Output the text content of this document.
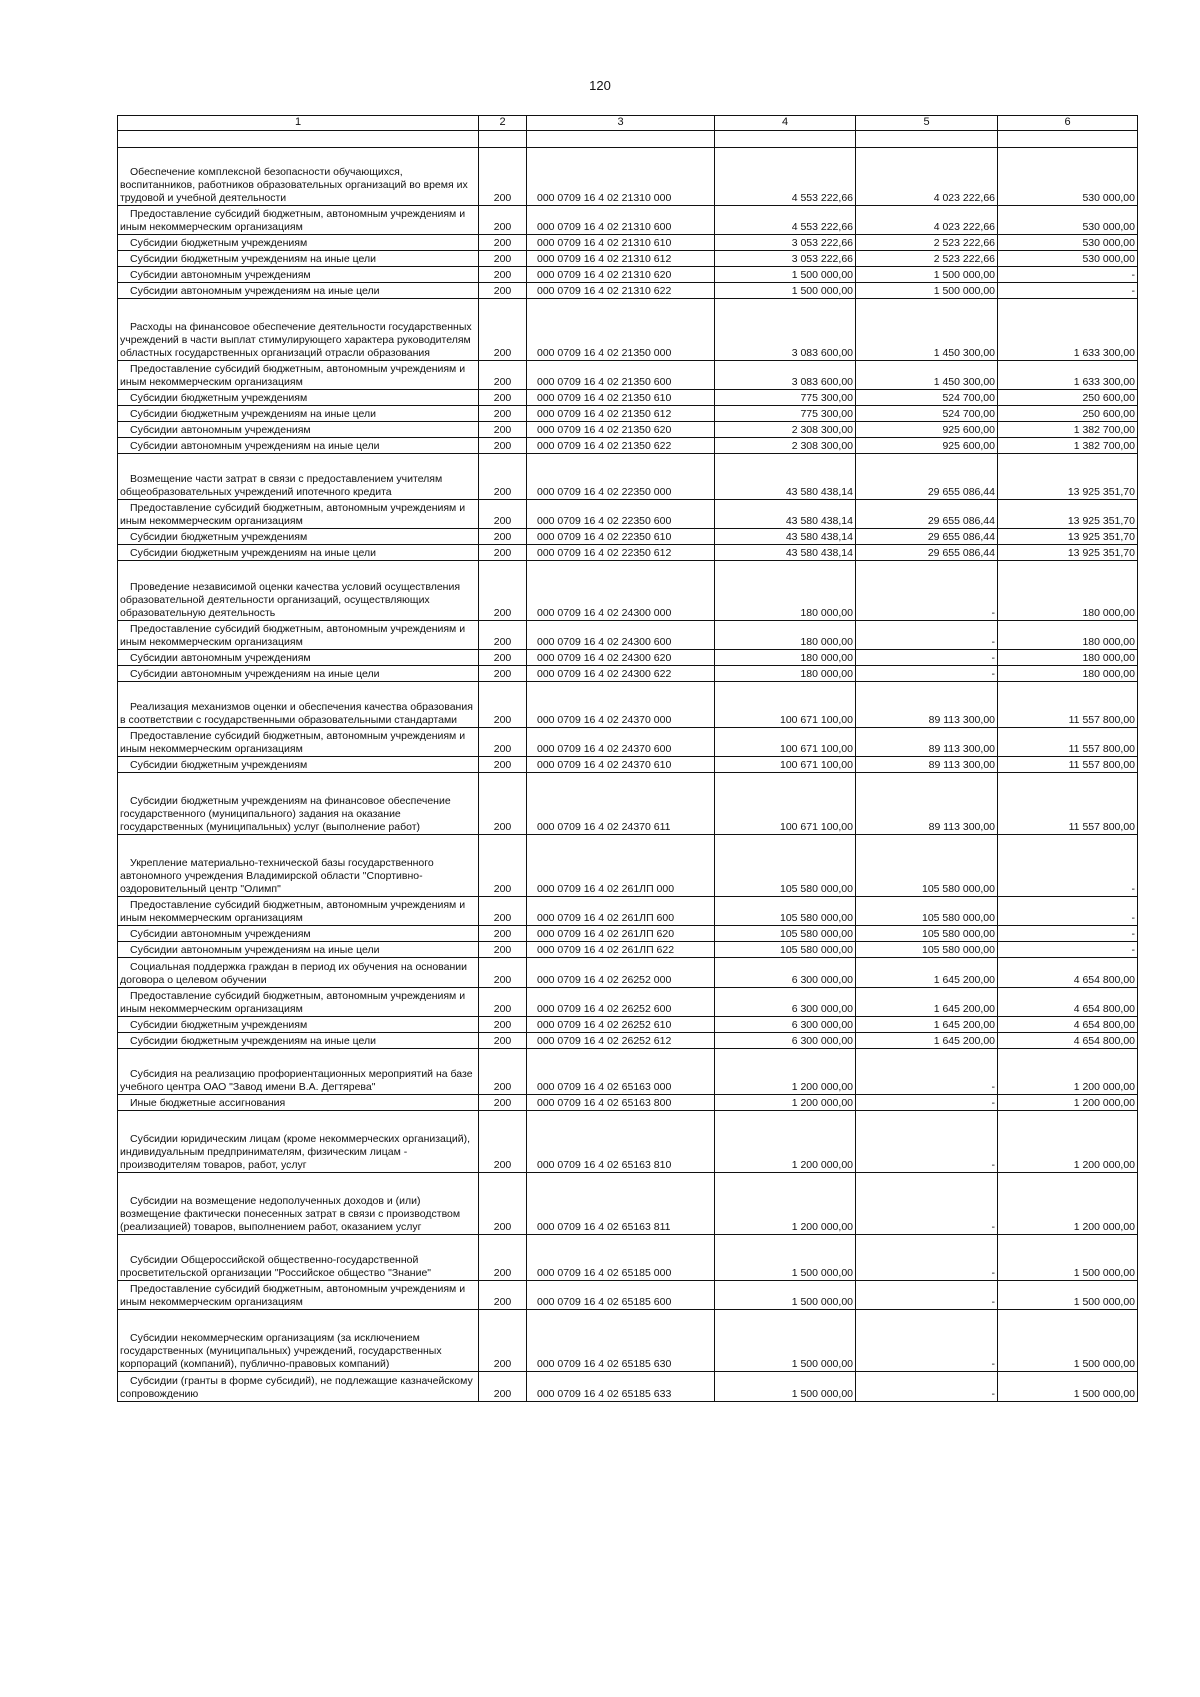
120
1	2	3	4	5	6

Обеспечение комплексной безопасности обучающихся, воспитанников, работников образовательных организаций во время их трудовой и учебной деятельности	200	000 0709 16 4 02 21310 000	4 553 222,66	4 023 222,66	530 000,00
Предоставление субсидий бюджетным, автономным учреждениям и иным некоммерческим организациям	200	000 0709 16 4 02 21310 600	4 553 222,66	4 023 222,66	530 000,00
Субсидии бюджетным учреждениям	200	000 0709 16 4 02 21310 610	3 053 222,66	2 523 222,66	530 000,00
Субсидии бюджетным учреждениям на иные цели	200	000 0709 16 4 02 21310 612	3 053 222,66	2 523 222,66	530 000,00
Субсидии автономным учреждениям	200	000 0709 16 4 02 21310 620	1 500 000,00	1 500 000,00	-
Субсидии автономным учреждениям на иные цели	200	000 0709 16 4 02 21310 622	1 500 000,00	1 500 000,00	-
Расходы на финансовое обеспечение деятельности государственных учреждений в части выплат стимулирующего характера руководителям областных государственных организаций отрасли образования	200	000 0709 16 4 02 21350 000	3 083 600,00	1 450 300,00	1 633 300,00
Предоставление субсидий бюджетным, автономным учреждениям и иным некоммерческим организациям	200	000 0709 16 4 02 21350 600	3 083 600,00	1 450 300,00	1 633 300,00
Субсидии бюджетным учреждениям	200	000 0709 16 4 02 21350 610	775 300,00	524 700,00	250 600,00
Субсидии бюджетным учреждениям на иные цели	200	000 0709 16 4 02 21350 612	775 300,00	524 700,00	250 600,00
Субсидии автономным учреждениям	200	000 0709 16 4 02 21350 620	2 308 300,00	925 600,00	1 382 700,00
Субсидии автономным учреждениям на иные цели	200	000 0709 16 4 02 21350 622	2 308 300,00	925 600,00	1 382 700,00
Возмещение части затрат в связи с предоставлением учителям общеобразовательных учреждений ипотечного кредита	200	000 0709 16 4 02 22350 000	43 580 438,14	29 655 086,44	13 925 351,70
Предоставление субсидий бюджетным, автономным учреждениям и иным некоммерческим организациям	200	000 0709 16 4 02 22350 600	43 580 438,14	29 655 086,44	13 925 351,70
Субсидии бюджетным учреждениям	200	000 0709 16 4 02 22350 610	43 580 438,14	29 655 086,44	13 925 351,70
Субсидии бюджетным учреждениям на иные цели	200	000 0709 16 4 02 22350 612	43 580 438,14	29 655 086,44	13 925 351,70
Проведение независимой оценки качества условий осуществления образовательной деятельности организаций, осуществляющих образовательную деятельность	200	000 0709 16 4 02 24300 000	180 000,00	-	180 000,00
Предоставление субсидий бюджетным, автономным учреждениям и иным некоммерческим организациям	200	000 0709 16 4 02 24300 600	180 000,00	-	180 000,00
Субсидии автономным учреждениям	200	000 0709 16 4 02 24300 620	180 000,00	-	180 000,00
Субсидии автономным учреждениям на иные цели	200	000 0709 16 4 02 24300 622	180 000,00	-	180 000,00
Реализация механизмов оценки и обеспечения качества образования в соответствии с государственными образовательными стандартами	200	000 0709 16 4 02 24370 000	100 671 100,00	89 113 300,00	11 557 800,00
Предоставление субсидий бюджетным, автономным учреждениям и иным некоммерческим организациям	200	000 0709 16 4 02 24370 600	100 671 100,00	89 113 300,00	11 557 800,00
Субсидии бюджетным учреждениям	200	000 0709 16 4 02 24370 610	100 671 100,00	89 113 300,00	11 557 800,00
Субсидии бюджетным учреждениям на финансовое обеспечение государственного (муниципального) задания на оказание государственных (муниципальных) услуг (выполнение работ)	200	000 0709 16 4 02 24370 611	100 671 100,00	89 113 300,00	11 557 800,00
Укрепление материально-технической базы государственного автономного учреждения Владимирской области "Спортивно-оздоровительный центр "Олимп"	200	000 0709 16 4 02 261ЛП 000	105 580 000,00	105 580 000,00	-
Предоставление субсидий бюджетным, автономным учреждениям и иным некоммерческим организациям	200	000 0709 16 4 02 261ЛП 600	105 580 000,00	105 580 000,00	-
Субсидии автономным учреждениям	200	000 0709 16 4 02 261ЛП 620	105 580 000,00	105 580 000,00	-
Субсидии автономным учреждениям на иные цели	200	000 0709 16 4 02 261ЛП 622	105 580 000,00	105 580 000,00	-
Социальная поддержка граждан в период их обучения на основании договора о целевом обучении	200	000 0709 16 4 02 26252 000	6 300 000,00	1 645 200,00	4 654 800,00
Предоставление субсидий бюджетным, автономным учреждениям и иным некоммерческим организациям	200	000 0709 16 4 02 26252 600	6 300 000,00	1 645 200,00	4 654 800,00
Субсидии бюджетным учреждениям	200	000 0709 16 4 02 26252 610	6 300 000,00	1 645 200,00	4 654 800,00
Субсидии бюджетным учреждениям на иные цели	200	000 0709 16 4 02 26252 612	6 300 000,00	1 645 200,00	4 654 800,00
Субсидия на реализацию профориентационных мероприятий на базе учебного центра ОАО "Завод имени В.А. Дегтярева"	200	000 0709 16 4 02 65163 000	1 200 000,00	-	1 200 000,00
Иные бюджетные ассигнования	200	000 0709 16 4 02 65163 800	1 200 000,00	-	1 200 000,00
Субсидии юридическим лицам (кроме некоммерческих организаций), индивидуальным предпринимателям, физическим лицам - производителям товаров, работ, услуг	200	000 0709 16 4 02 65163 810	1 200 000,00	-	1 200 000,00
Субсидии на возмещение недополученных доходов и (или) возмещение фактически понесенных затрат в связи с производством (реализацией) товаров, выполнением работ, оказанием услуг	200	000 0709 16 4 02 65163 811	1 200 000,00	-	1 200 000,00
Субсидии Общероссийской общественно-государственной просветительской организации "Российское общество "Знание"	200	000 0709 16 4 02 65185 000	1 500 000,00	-	1 500 000,00
Предоставление субсидий бюджетным, автономным учреждениям и иным некоммерческим организациям	200	000 0709 16 4 02 65185 600	1 500 000,00	-	1 500 000,00
Субсидии некоммерческим организациям (за исключением государственных (муниципальных) учреждений, государственных корпораций (компаний), публично-правовых компаний)	200	000 0709 16 4 02 65185 630	1 500 000,00	-	1 500 000,00
Субсидии (гранты в форме субсидий), не подлежащие казначейскому сопровождению	200	000 0709 16 4 02 65185 633	1 500 000,00	-	1 500 000,00
